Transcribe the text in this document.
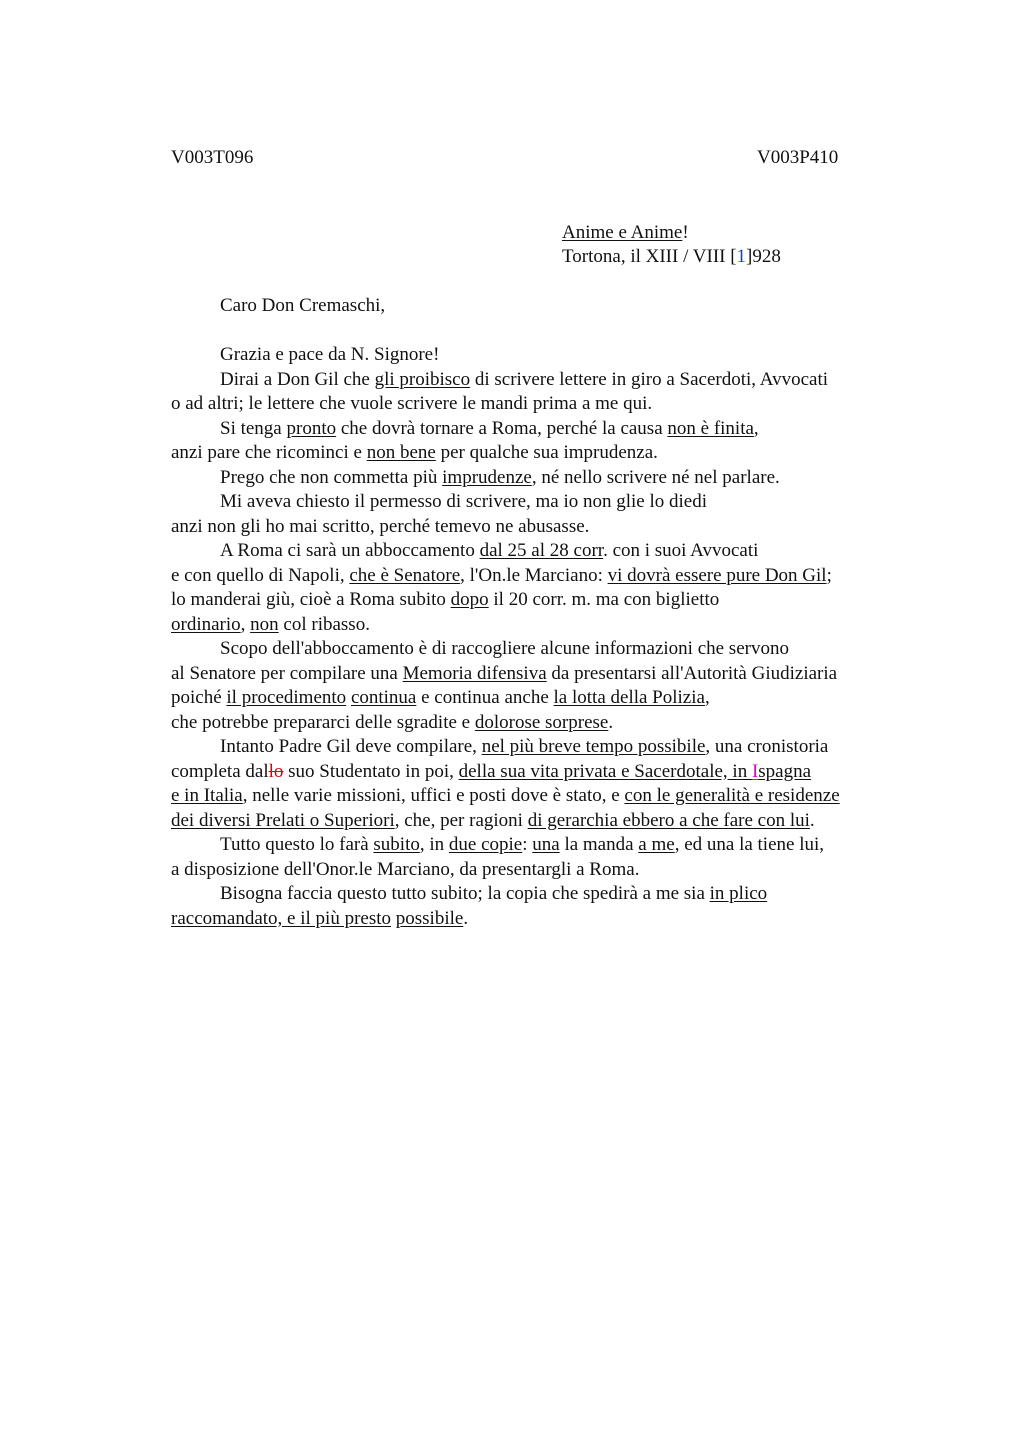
V003T096	V003P410
Anime e Anime!
Tortona, il XIII / VIII [1]928
Caro Don Cremaschi,
Grazia e pace da N. Signore!
Dirai a Don Gil che gli proibisco di scrivere lettere in giro a Sacerdoti, Avvocati
o ad altri; le lettere che vuole scrivere le mandi prima a me qui.
Si tenga pronto che dovrà tornare a Roma, perché la causa non è finita,
anzi pare che ricominci e non bene per qualche sua imprudenza.
Prego che non commetta più imprudenze, né nello scrivere né nel parlare.
Mi aveva chiesto il permesso di scrivere, ma io non glie lo diedi
anzi non gli ho mai scritto, perché temevo ne abusasse.
A Roma ci sarà un abboccamento dal 25 al 28 corr. con i suoi Avvocati
e con quello di Napoli, che è Senatore, l'On.le Marciano: vi dovrà essere pure Don Gil;
lo manderai giù, cioè a Roma subito dopo il 20 corr. m. ma con biglietto
ordinario, non col ribasso.
Scopo dell'abboccamento è di raccogliere alcune informazioni che servono
al Senatore per compilare una Memoria difensiva da presentarsi all'Autorità Giudiziaria
poiché il procedimento continua e continua anche la lotta della Polizia,
che potrebbe prepararci delle sgradite e dolorose sorprese.
Intanto Padre Gil deve compilare, nel più breve tempo possibile, una cronistoria
completa dallo suo Studentato in poi, della sua vita privata e Sacerdotale, in Ispagna
e in Italia, nelle varie missioni, uffici e posti dove è stato, e con le generalità e residenze
dei diversi Prelati o Superiori, che, per ragioni di gerarchia ebbero a che fare con lui.
Tutto questo lo farà subito, in due copie: una la manda a me, ed una la tiene lui,
a disposizione dell'Onor.le Marciano, da presentargli a Roma.
Bisogna faccia questo tutto subito; la copia che spedirà a me sia in plico
raccomandato, e il più presto possibile.
